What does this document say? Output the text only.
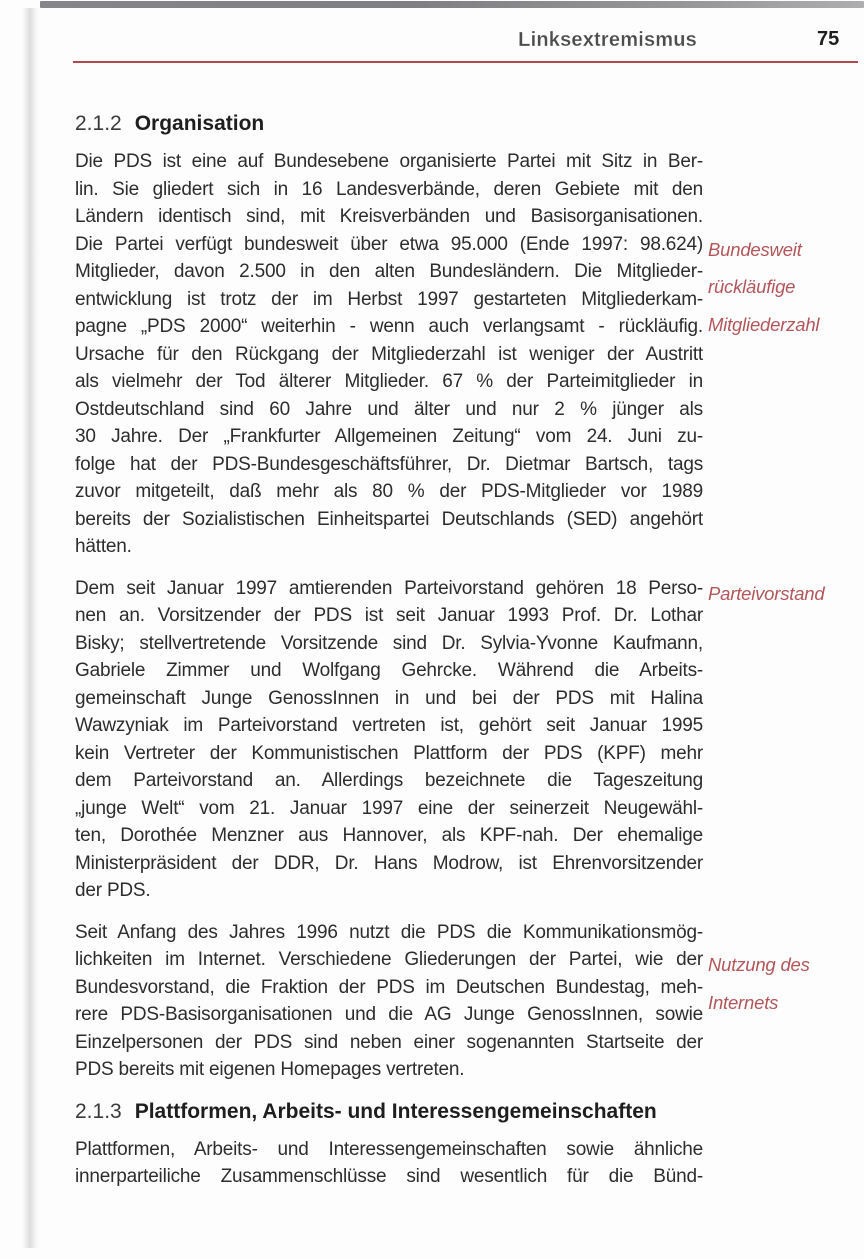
Linksextremismus	75
2.1.2 Organisation
Die PDS ist eine auf Bundesebene organisierte Partei mit Sitz in Ber-
lin. Sie gliedert sich in 16 Landesverbände, deren Gebiete mit den
Ländern identisch sind, mit Kreisverbänden und Basisorganisationen.
Die Partei verfügt bundesweit über etwa 95.000 (Ende 1997: 98.624)
Mitglieder, davon 2.500 in den alten Bundesländern. Die Mitglieder-
entwicklung ist trotz der im Herbst 1997 gestarteten Mitgliederkam-
pagne „PDS 2000“ weiterhin - wenn auch verlangsamt - rückläufig.
Ursache für den Rückgang der Mitgliederzahl ist weniger der Austritt
als vielmehr der Tod älterer Mitglieder. 67 % der Parteimitglieder in
Ostdeutschland sind 60 Jahre und älter und nur 2 % jünger als
30 Jahre. Der „Frankfurter Allgemeinen Zeitung“ vom 24. Juni zu-
folge hat der PDS-Bundesgeschäftsführer, Dr. Dietmar Bartsch, tags
zuvor mitgeteilt, daß mehr als 80 % der PDS-Mitglieder vor 1989
bereits der Sozialistischen Einheitspartei Deutschlands (SED) angehört
hätten.
Bundesweit
rückläufige
Mitgliederzahl
Dem seit Januar 1997 amtierenden Parteivorstand gehören 18 Perso-
nen an. Vorsitzender der PDS ist seit Januar 1993 Prof. Dr. Lothar
Bisky; stellvertretende Vorsitzende sind Dr. Sylvia-Yvonne Kaufmann,
Gabriele Zimmer und Wolfgang Gehrcke. Während die Arbeits-
gemeinschaft Junge GenossInnen in und bei der PDS mit Halina
Wawzyniak im Parteivorstand vertreten ist, gehört seit Januar 1995
kein Vertreter der Kommunistischen Plattform der PDS (KPF) mehr
dem Parteivorstand an. Allerdings bezeichnete die Tageszeitung
„junge Welt“ vom 21. Januar 1997 eine der seinerzeit Neugewähl-
ten, Dorothée Menzner aus Hannover, als KPF-nah. Der ehemalige
Ministerpräsident der DDR, Dr. Hans Modrow, ist Ehrenvorsitzender
der PDS.
Parteivorstand
Seit Anfang des Jahres 1996 nutzt die PDS die Kommunikationsmög-
lichkeiten im Internet. Verschiedene Gliederungen der Partei, wie der
Bundesvorstand, die Fraktion der PDS im Deutschen Bundestag, meh-
rere PDS-Basisorganisationen und die AG Junge GenossInnen, sowie
Einzelpersonen der PDS sind neben einer sogenannten Startseite der
PDS bereits mit eigenen Homepages vertreten.
Nutzung des
Internets
2.1.3 Plattformen, Arbeits- und Interessengemeinschaften
Plattformen, Arbeits- und Interessengemeinschaften sowie ähnliche
innerparteiliche Zusammenschlüsse sind wesentlich für die Bünd-
